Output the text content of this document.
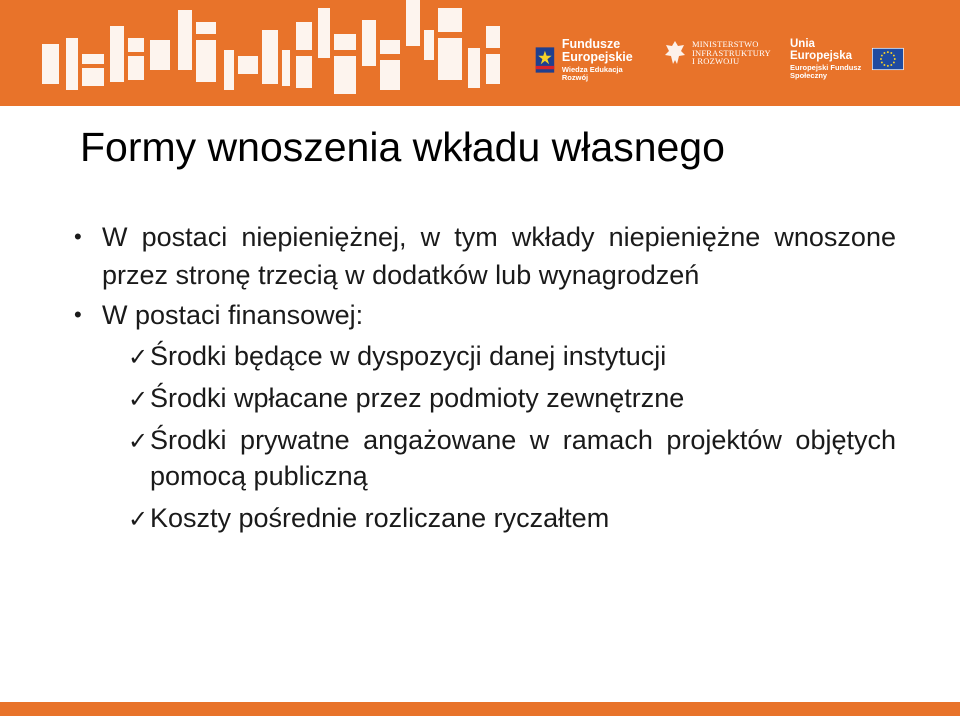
Fundusze
Europejskie
Wiedza Edukacja Rozwój
MINISTERSTWO
INFRASTRUKTURY
I ROZWOJU
Unia Europejska
Europejski Fundusz Społeczny
Formy wnoszenia wkładu własnego
• W postaci niepieniężnej, w tym wkłady niepieniężne wnoszone przez stronę trzecią w dodatków lub wynagrodzeń
• W postaci finansowej:
✓ Środki będące w dyspozycji danej instytucji
✓ Środki wpłacane przez podmioty zewnętrzne
✓ Środki prywatne angażowane w ramach projektów objętych pomocą publiczną
✓ Koszty pośrednie rozliczane ryczałtem
